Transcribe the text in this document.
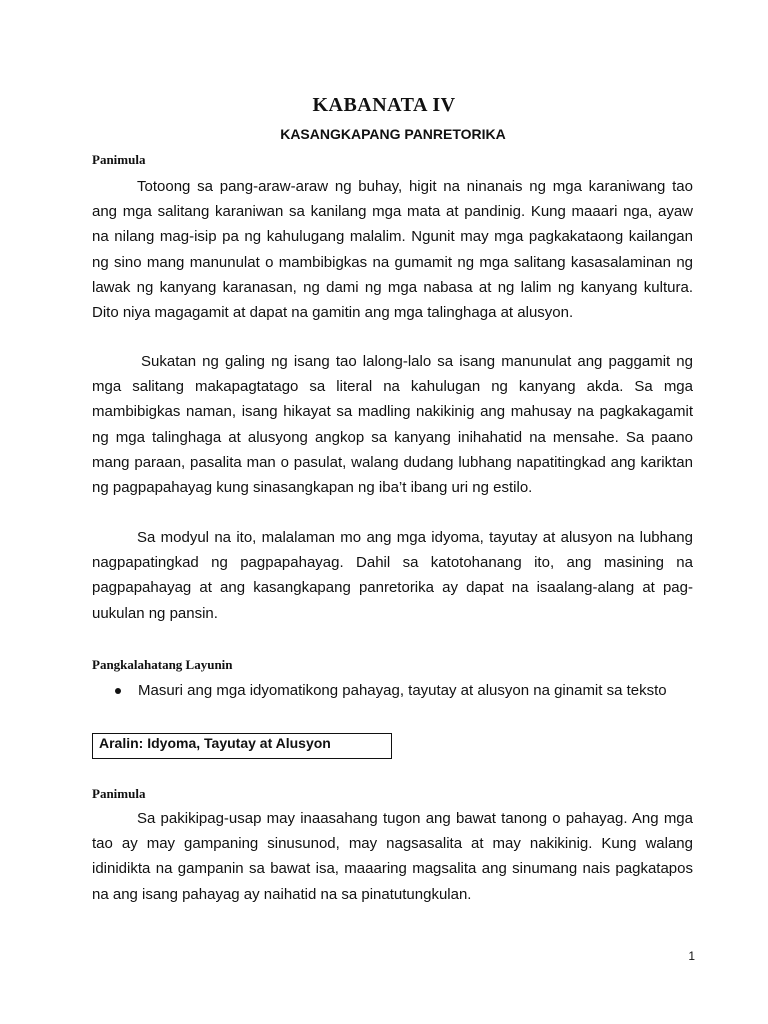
KABANATA IV
KASANGKAPANG PANRETORIKA
Panimula

Totoong sa pang-araw-araw ng buhay, higit na ninanais ng mga karaniwang tao ang mga salitang karaniwan sa kanilang mga mata at pandinig. Kung maaari nga, ayaw na nilang mag-isip pa ng kahulugang malalim. Ngunit may mga pagkakataong kailangan ng sino mang manunulat o mambibigkas na gumamit ng mga salitang kasasalaminan ng lawak ng kanyang karanasan, ng dami ng mga nabasa at ng lalim ng kanyang kultura. Dito niya magagamit at dapat na gamitin ang mga talinghaga at alusyon.

Sukatan ng galing ng isang tao lalong-lalo sa isang manunulat ang paggamit ng mga salitang makapagtatago sa literal na kahulugan ng kanyang akda. Sa mga mambibigkas naman, isang hikayat sa madling nakikinig ang mahusay na pagkakagamit ng mga talinghaga at alusyong angkop sa kanyang inihahatid na mensahe. Sa paano mang paraan, pasalita man o pasulat, walang dudang lubhang napatitingkad ang kariktan ng pagpapahayag kung sinasangkapan ng iba’t ibang uri ng estilo.

Sa modyul na ito, malalaman mo ang mga idyoma, tayutay at alusyon na lubhang nagpapatingkad ng pagpapahayag. Dahil sa katotohanang ito, ang masining na pagpapahayag at ang kasangkapang panretorika ay dapat na isaalang-alang at pag-uukulan ng pansin.

Pangkalahatang Layunin
Masuri ang mga idyomatikong pahayag, tayutay at alusyon na ginamit sa teksto
Aralin: Idyoma, Tayutay at Alusyon
Panimula

Sa pakikipag-usap may inaasahang tugon ang bawat tanong o pahayag. Ang mga tao ay may gampaning sinusunod, may nagsasalita at may nakikinig. Kung walang idinidikta na gampanin sa bawat isa, maaaring magsalita ang sinumang nais pagkatapos na ang isang pahayag ay naihatid na sa pinatutungkulan.

1
